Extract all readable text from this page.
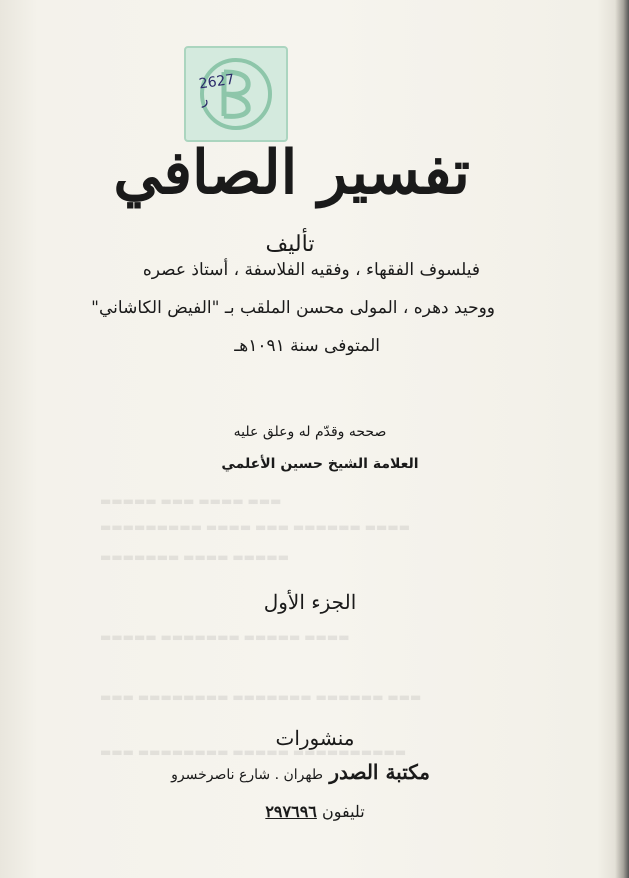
▬▬▬ ▬▬▬▬ ▬▬▬ ▬▬▬▬▬
▬▬▬▬ ▬▬▬▬▬▬ ▬▬▬ ▬▬▬▬ ▬▬▬▬▬▬▬▬▬
▬▬▬▬▬ ▬▬▬▬ ▬▬▬▬▬▬▬
▬▬▬▬ ▬▬▬▬▬ ▬▬▬▬▬▬▬ ▬▬▬▬▬
▬▬▬ ▬▬▬▬▬▬ ▬▬▬▬▬▬▬ ▬▬▬▬▬▬▬▬ ▬▬▬
▬▬▬▬▬▬▬▬▬▬ ▬▬▬▬▬ ▬▬▬▬▬▬▬▬ ▬▬▬
2627
ر
تفسير الصافي
تأليف
فيلسوف الفقهاء ، وفقيه الفلاسفة ، أستاذ عصره
ووحيد دهره ، المولى محسن الملقب بـ "الفيض الكاشاني"
المتوفى سنة ١٠٩١هـ
صححه وقدّم له وعلق عليه
العلامة الشيخ حسين الأعلمي
الجزء الأول
منشورات
مكتبة الصدر طهران . شارع ناصرخسرو
تليفون ٢٩٧٦٩٦
